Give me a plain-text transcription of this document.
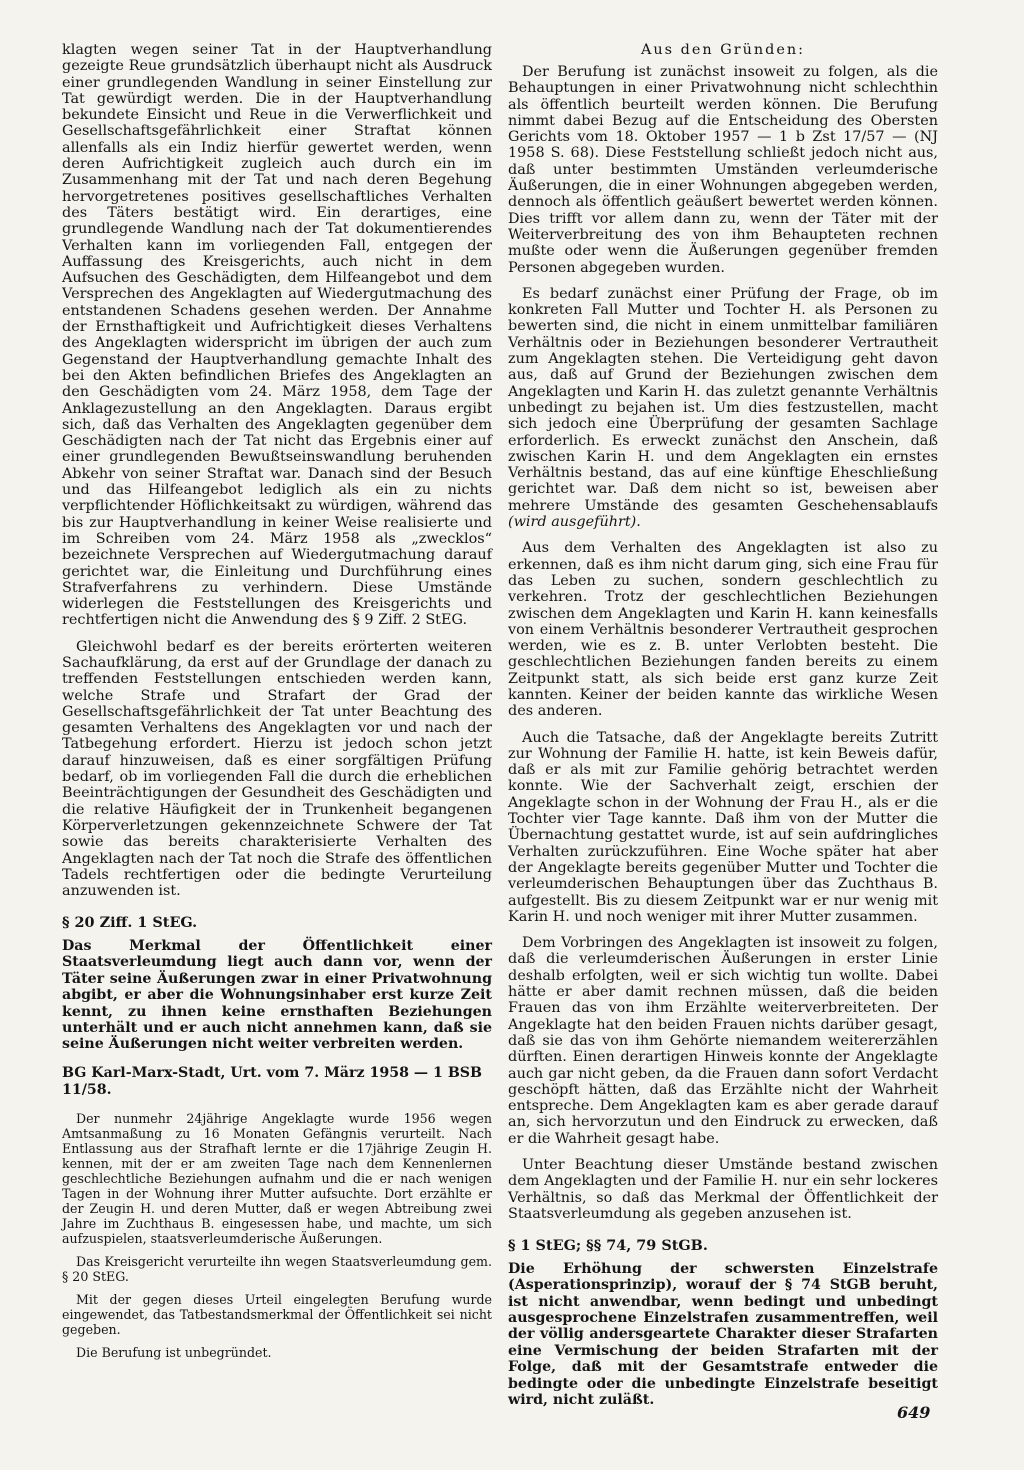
klagten wegen seiner Tat in der Hauptverhandlung gezeigte Reue grundsätzlich überhaupt nicht als Ausdruck einer grundlegenden Wandlung in seiner Einstellung zur Tat gewürdigt werden. Die in der Hauptverhandlung bekundete Einsicht und Reue in die Verwerflichkeit und Gesellschaftsgefährlichkeit einer Straftat können allenfalls als ein Indiz hierfür gewertet werden, wenn deren Aufrichtigkeit zugleich auch durch ein im Zusammenhang mit der Tat und nach deren Begehung hervorgetretenes positives gesellschaftliches Verhalten des Täters bestätigt wird. Ein derartiges, eine grundlegende Wandlung nach der Tat dokumentierendes Verhalten kann im vorliegenden Fall, entgegen der Auffassung des Kreisgerichts, auch nicht in dem Aufsuchen des Geschädigten, dem Hilfeangebot und dem Versprechen des Angeklagten auf Wiedergutmachung des entstandenen Schadens gesehen werden. Der Annahme der Ernsthaftigkeit und Aufrichtigkeit dieses Verhaltens des Angeklagten widerspricht im übrigen der auch zum Gegenstand der Hauptverhandlung gemachte Inhalt des bei den Akten befindlichen Briefes des Angeklagten an den Geschädigten vom 24. März 1958, dem Tage der Anklagezustellung an den Angeklagten. Daraus ergibt sich, daß das Verhalten des Angeklagten gegenüber dem Geschädigten nach der Tat nicht das Ergebnis einer auf einer grundlegenden Bewußtseinswandlung beruhenden Abkehr von seiner Straftat war. Danach sind der Besuch und das Hilfeangebot lediglich als ein zu nichts verpflichtender Höflichkeitsakt zu würdigen, während das bis zur Hauptverhandlung in keiner Weise realisierte und im Schreiben vom 24. März 1958 als „zwecklos“ bezeichnete Versprechen auf Wiedergutmachung darauf gerichtet war, die Einleitung und Durchführung eines Strafverfahrens zu verhindern. Diese Umstände widerlegen die Feststellungen des Kreisgerichts und rechtfertigen nicht die Anwendung des § 9 Ziff. 2 StEG.

Gleichwohl bedarf es der bereits erörterten weiteren Sachaufklärung, da erst auf der Grundlage der danach zu treffenden Feststellungen entschieden werden kann, welche Strafe und Strafart der Grad der Gesellschaftsgefährlichkeit der Tat unter Beachtung des gesamten Verhaltens des Angeklagten vor und nach der Tatbegehung erfordert. Hierzu ist jedoch schon jetzt darauf hinzuweisen, daß es einer sorgfältigen Prüfung bedarf, ob im vorliegenden Fall die durch die erheblichen Beeinträchtigungen der Gesundheit des Geschädigten und die relative Häufigkeit der in Trunkenheit begangenen Körperverletzungen gekennzeichnete Schwere der Tat sowie das bereits charakterisierte Verhalten des Angeklagten nach der Tat noch die Strafe des öffentlichen Tadels rechtfertigen oder die bedingte Verurteilung anzuwenden ist.

§ 20 Ziff. 1 StEG.

Das Merkmal der Öffentlichkeit einer Staatsverleumdung liegt auch dann vor, wenn der Täter seine Äußerungen zwar in einer Privatwohnung abgibt, er aber die Wohnungsinhaber erst kurze Zeit kennt, zu ihnen keine ernsthaften Beziehungen unterhält und er auch nicht annehmen kann, daß sie seine Äußerungen nicht weiter verbreiten werden.

BG Karl-Marx-Stadt, Urt. vom 7. März 1958 — 1 BSB 11/58.

Der nunmehr 24jährige Angeklagte wurde 1956 wegen Amtsanmaßung zu 16 Monaten Gefängnis verurteilt. Nach Entlassung aus der Strafhaft lernte er die 17jährige Zeugin H. kennen, mit der er am zweiten Tage nach dem Kennenlernen geschlechtliche Beziehungen aufnahm und die er nach wenigen Tagen in der Wohnung ihrer Mutter aufsuchte. Dort erzählte er der Zeugin H. und deren Mutter, daß er wegen Abtreibung zwei Jahre im Zuchthaus B. eingesessen habe, und machte, um sich aufzuspielen, staatsverleumderische Äußerungen.

Das Kreisgericht verurteilte ihn wegen Staatsverleumdung gem. § 20 StEG.

Mit der gegen dieses Urteil eingelegten Berufung wurde eingewendet, das Tatbestandsmerkmal der Öffentlichkeit sei nicht gegeben.

Die Berufung ist unbegründet.

Aus den Gründen:

Der Berufung ist zunächst insoweit zu folgen, als die Behauptungen in einer Privatwohnung nicht schlechthin als öffentlich beurteilt werden können. Die Berufung nimmt dabei Bezug auf die Entscheidung des Obersten Gerichts vom 18. Oktober 1957 — 1 b Zst 17/57 — (NJ 1958 S. 68). Diese Feststellung schließt jedoch nicht aus, daß unter bestimmten Umständen verleumderische Äußerungen, die in einer Wohnungen abgegeben werden, dennoch als öffentlich geäußert bewertet werden können. Dies trifft vor allem dann zu, wenn der Täter mit der Weiterverbreitung des von ihm Behaupteten rechnen mußte oder wenn die Äußerungen gegenüber fremden Personen abgegeben wurden.

Es bedarf zunächst einer Prüfung der Frage, ob im konkreten Fall Mutter und Tochter H. als Personen zu bewerten sind, die nicht in einem unmittelbar familiären Verhältnis oder in Beziehungen besonderer Vertrautheit zum Angeklagten stehen. Die Verteidigung geht davon aus, daß auf Grund der Beziehungen zwischen dem Angeklagten und Karin H. das zuletzt genannte Verhältnis unbedingt zu bejahen ist. Um dies festzustellen, macht sich jedoch eine Überprüfung der gesamten Sachlage erforderlich. Es erweckt zunächst den Anschein, daß zwischen Karin H. und dem Angeklagten ein ernstes Verhältnis bestand, das auf eine künftige Eheschließung gerichtet war. Daß dem nicht so ist, beweisen aber mehrere Umstände des gesamten Geschehensablaufs (wird ausgeführt).

Aus dem Verhalten des Angeklagten ist also zu erkennen, daß es ihm nicht darum ging, sich eine Frau für das Leben zu suchen, sondern geschlechtlich zu verkehren. Trotz der geschlechtlichen Beziehungen zwischen dem Angeklagten und Karin H. kann keinesfalls von einem Verhältnis besonderer Vertrautheit gesprochen werden, wie es z. B. unter Verlobten besteht. Die geschlechtlichen Beziehungen fanden bereits zu einem Zeitpunkt statt, als sich beide erst ganz kurze Zeit kannten. Keiner der beiden kannte das wirkliche Wesen des anderen.

Auch die Tatsache, daß der Angeklagte bereits Zutritt zur Wohnung der Familie H. hatte, ist kein Beweis dafür, daß er als mit zur Familie gehörig betrachtet werden konnte. Wie der Sachverhalt zeigt, erschien der Angeklagte schon in der Wohnung der Frau H., als er die Tochter vier Tage kannte. Daß ihm von der Mutter die Übernachtung gestattet wurde, ist auf sein aufdringliches Verhalten zurückzuführen. Eine Woche später hat aber der Angeklagte bereits gegenüber Mutter und Tochter die verleumderischen Behauptungen über das Zuchthaus B. aufgestellt. Bis zu diesem Zeitpunkt war er nur wenig mit Karin H. und noch weniger mit ihrer Mutter zusammen.

Dem Vorbringen des Angeklagten ist insoweit zu folgen, daß die verleumderischen Äußerungen in erster Linie deshalb erfolgten, weil er sich wichtig tun wollte. Dabei hätte er aber damit rechnen müssen, daß die beiden Frauen das von ihm Erzählte weiterverbreiteten. Der Angeklagte hat den beiden Frauen nichts darüber gesagt, daß sie das von ihm Gehörte niemandem weitererzählen dürften. Einen derartigen Hinweis konnte der Angeklagte auch gar nicht geben, da die Frauen dann sofort Verdacht geschöpft hätten, daß das Erzählte nicht der Wahrheit entspreche. Dem Angeklagten kam es aber gerade darauf an, sich hervorzutun und den Eindruck zu erwecken, daß er die Wahrheit gesagt habe.

Unter Beachtung dieser Umstände bestand zwischen dem Angeklagten und der Familie H. nur ein sehr lockeres Verhältnis, so daß das Merkmal der Öffentlichkeit der Staatsverleumdung als gegeben anzusehen ist.

§ 1 StEG; §§ 74, 79 StGB.

Die Erhöhung der schwersten Einzelstrafe (Asperationsprinzip), worauf der § 74 StGB beruht, ist nicht anwendbar, wenn bedingt und unbedingt ausgesprochene Einzelstrafen zusammentreffen, weil der völlig andersgeartete Charakter dieser Strafarten eine Vermischung der beiden Strafarten mit der Folge, daß mit der Gesamtstrafe entweder die bedingte oder die unbedingte Einzelstrafe beseitigt wird, nicht zuläßt.

649
